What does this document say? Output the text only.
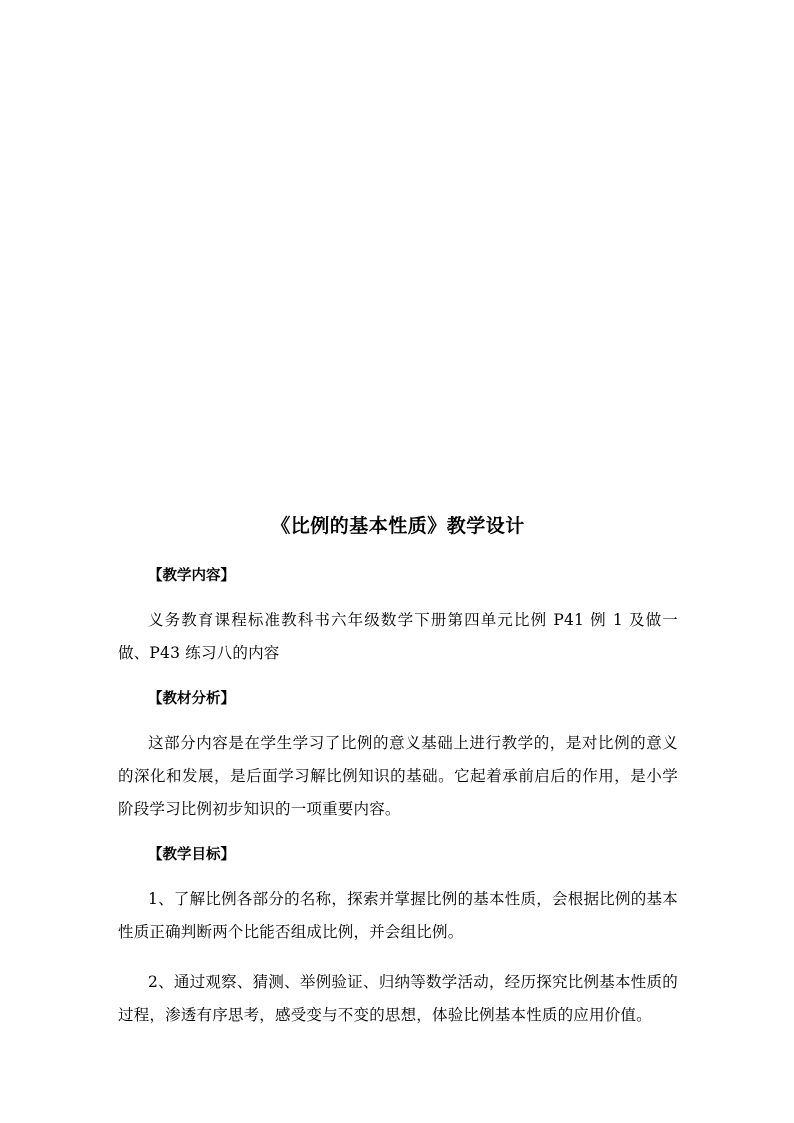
《比例的基本性质》教学设计
【教学内容】

义务教育课程标准教科书六年级数学下册第四单元比例 P41 例 1 及做一做、P43 练习八的内容

【教材分析】

这部分内容是在学生学习了比例的意义基础上进行教学的，是对比例的意义的深化和发展，是后面学习解比例知识的基础。它起着承前启后的作用，是小学阶段学习比例初步知识的一项重要内容。

【教学目标】

1、了解比例各部分的名称，探索并掌握比例的基本性质，会根据比例的基本性质正确判断两个比能否组成比例，并会组比例。

2、通过观察、猜测、举例验证、归纳等数学活动，经历探究比例基本性质的过程，渗透有序思考，感受变与不变的思想，体验比例基本性质的应用价值。
